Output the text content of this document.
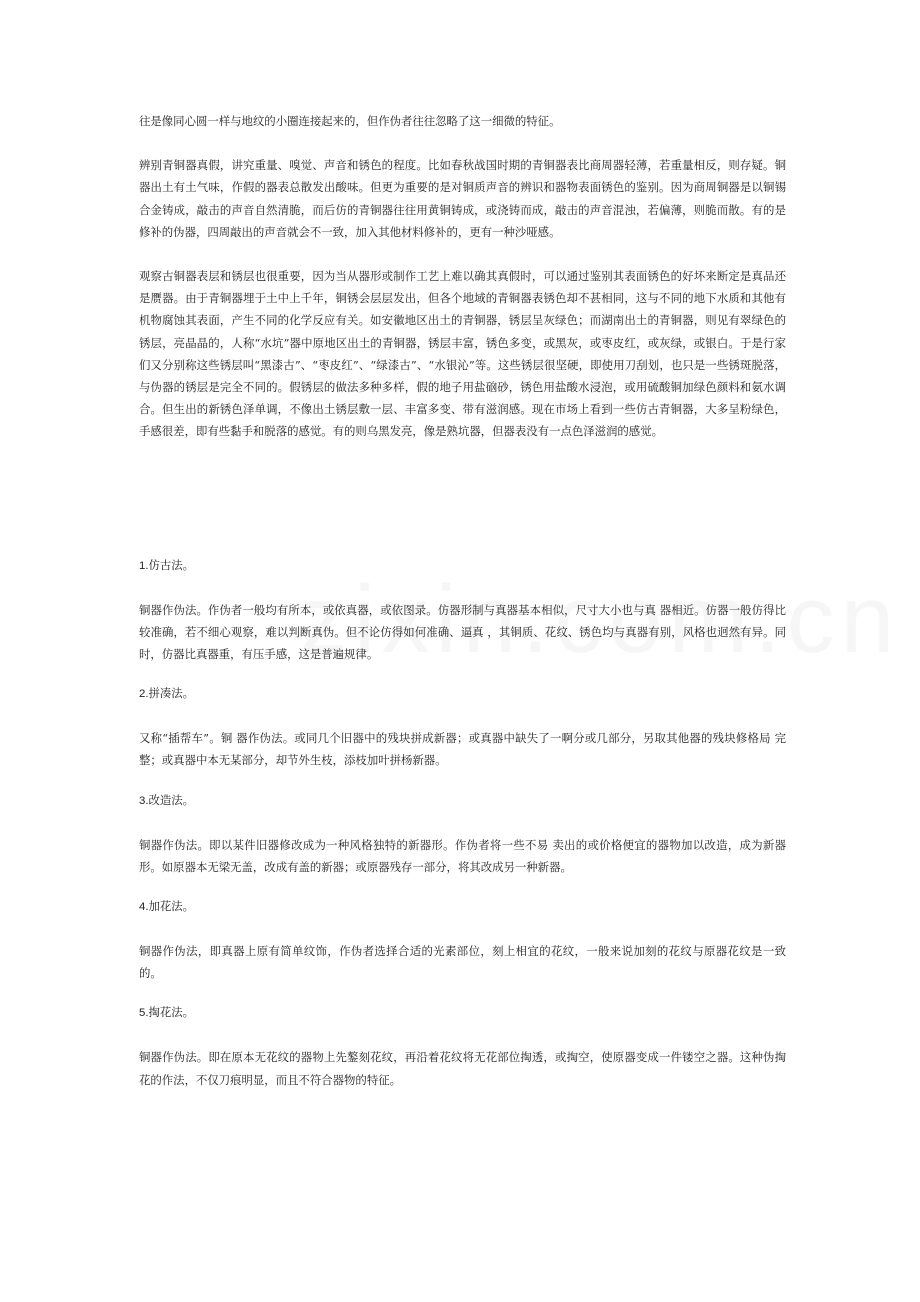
往是像同心圆一样与地纹的小圈连接起来的，但作伪者往往忽略了这一细微的特征。

辨别青铜器真假，讲究重量、嗅觉、声音和锈色的程度。比如春秋战国时期的青铜器表比商周器轻薄，若重量相反，则存疑。铜器出土有土气味，作假的器表总散发出酸味。但更为重要的是对铜质声音的辨识和器物表面锈色的鉴别。因为商周铜器是以铜锡合金铸成，敲击的声音自然清脆，而后仿的青铜器往往用黄铜铸成，或浇铸而成，敲击的声音混浊，若偏薄，则脆而散。有的是修补的伪器，四周敲出的声音就会不一致，加入其他材料修补的，更有一种沙哑感。

观察古铜器表层和锈层也很重要，因为当从器形或制作工艺上难以确其真假时，可以通过鉴别其表面锈色的好坏来断定是真品还是赝器。由于青铜器埋于土中上千年，铜锈会层层发出，但各个地域的青铜器表锈色却不甚相同，这与不同的地下水质和其他有机物腐蚀其表面，产生不同的化学反应有关。如安徽地区出土的青铜器，锈层呈灰绿色；而湖南出土的青铜器，则见有翠绿色的锈层，亮晶晶的，人称“水坑”器中原地区出土的青铜器，锈层丰富，锈色多变，或黑灰，或枣皮红，或灰绿，或银白。于是行家们又分别称这些锈层叫“黑漆古”、“枣皮红”、“绿漆古”、“水银沁”等。这些锈层很坚硬，即使用刀刮划，也只是一些锈斑脱落，与伪器的锈层是完全不同的。假锈层的做法多种多样，假的地子用盐硇砂，锈色用盐酸水浸泡，或用硫酸铜加绿色颜料和氨水调合。但生出的新锈色泽单调，不像出土锈层敷一层、丰富多变、带有滋润感。现在市场上看到一些仿古青铜器，大多呈粉绿色，手感很差，即有些黏手和脱落的感觉。有的则乌黑发亮，像是熟坑器，但器表没有一点色泽滋润的感觉。

1.仿古法。

铜器作伪法。作伪者一般均有所本，或依真器，或依图录。仿器形制与真器基本相似，尺寸大小也与真 器相近。仿器一般仿得比较准确，若不细心观察，难以判断真伪。但不论仿得如何准确、逼真 ，其铜质、花纹、锈色均与真器有别，风格也迥然有异。同时，仿器比真器重，有压手感，这是普遍规律。

2.拼凑法。

又称“插帮车”。铜 器作伪法。或同几个旧器中的残块拼成新器；或真器中缺失了一啊分或几部分，另取其他器的残块修格局 完整；或真器中本无某部分，却节外生枝，添枝加叶拼杨新器。

3.改造法。

铜器作伪法。即以某件旧器修改成为一种风格独特的新器形。作伪者将一些不易 卖出的或价格便宜的器物加以改造，成为新器形。如原器本无梁无盖，改成有盖的新器；或原器残存一部分，将其改成另一种新器。

4.加花法。

铜器作伪法，即真器上原有简单纹饰，作伪者选择合适的光素部位，刻上相宜的花纹，一般来说加刻的花纹与原器花纹是一致的。

5.掏花法。

铜器作伪法。即在原本无花纹的器物上先鏊刻花纹，再沿着花纹将无花部位掏透，或掏空，使原器变成一件镂空之器。这种伪掏花的作法，不仅刀痕明显，而且不符合器物的特征。
